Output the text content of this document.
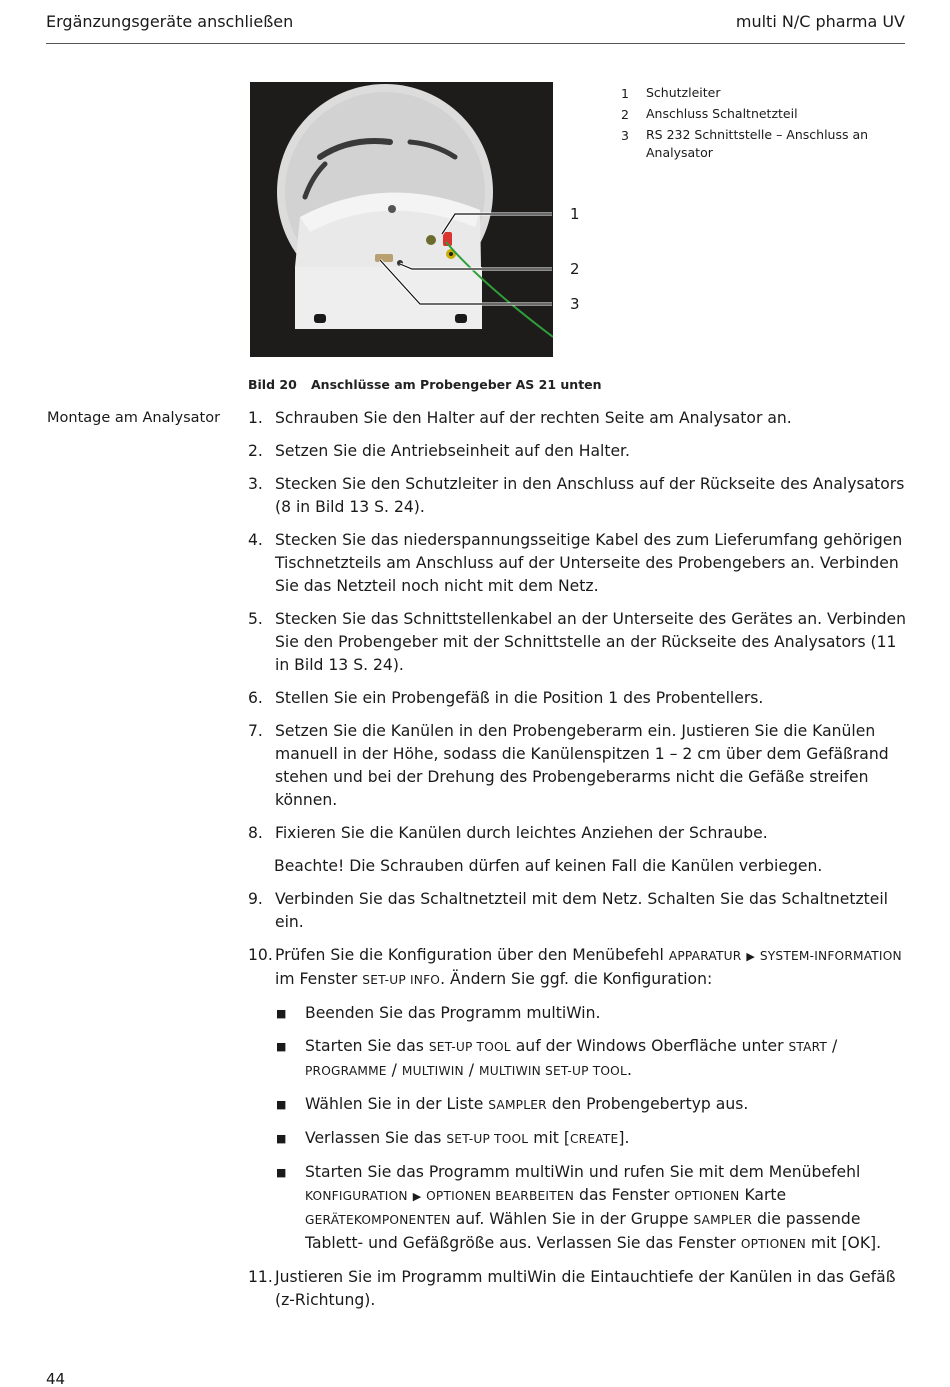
Ergänzungsgeräte anschließen	multi N/C pharma UV
1
2
3
1	Schutzleiter
2	Anschluss Schaltnetzteil
3	RS 232 Schnittstelle – Anschluss an Analysator
Bild 20 Anschlüsse am Probengeber AS 21 unten
Montage am Analysator 1. Schrauben Sie den Halter auf der rechten Seite am Analysator an.
2. Setzen Sie die Antriebseinheit auf den Halter.
3. Stecken Sie den Schutzleiter in den Anschluss auf der Rückseite des Analysators (8 in Bild 13 S. 24).
4. Stecken Sie das niederspannungsseitige Kabel des zum Lieferumfang gehörigen Tischnetzteils am Anschluss auf der Unterseite des Probengebers an. Verbinden Sie das Netzteil noch nicht mit dem Netz.
5. Stecken Sie das Schnittstellenkabel an der Unterseite des Gerätes an. Verbinden Sie den Probengeber mit der Schnittstelle an der Rückseite des Analysators (11 in Bild 13 S. 24).
6. Stellen Sie ein Probengefäß in die Position 1 des Probentellers.
7. Setzen Sie die Kanülen in den Probengeberarm ein. Justieren Sie die Kanülen manuell in der Höhe, sodass die Kanülenspitzen 1 – 2 cm über dem Gefäßrand stehen und bei der Drehung des Probengeberarms nicht die Gefäße streifen können.
8. Fixieren Sie die Kanülen durch leichtes Anziehen der Schraube.
Beachte! Die Schrauben dürfen auf keinen Fall die Kanülen verbiegen.
9. Verbinden Sie das Schaltnetzteil mit dem Netz. Schalten Sie das Schaltnetzteil ein.
10. Prüfen Sie die Konfiguration über den Menübefehl APPARATUR ▶ SYSTEM-INFORMATION im Fenster SET-UP INFO. Ändern Sie ggf. die Konfiguration:
■	Beenden Sie das Programm multiWin.
■	Starten Sie das SET-UP TOOL auf der Windows Oberfläche unter START / PROGRAMME / MULTIWIN / MULTIWIN SET-UP TOOL.
■	Wählen Sie in der Liste SAMPLER den Probengebertyp aus.
■	Verlassen Sie das SET-UP TOOL mit [CREATE].
■	Starten Sie das Programm multiWin und rufen Sie mit dem Menübefehl KONFIGURATION ▶ OPTIONEN BEARBEITEN das Fenster OPTIONEN Karte GERÄTEKOMPONENTEN auf. Wählen Sie in der Gruppe SAMPLER die passende Tablett- und Gefäßgröße aus. Verlassen Sie das Fenster OPTIONEN mit [OK].
11. Justieren Sie im Programm multiWin die Eintauchtiefe der Kanülen in das Gefäß (z-Richtung).
44
